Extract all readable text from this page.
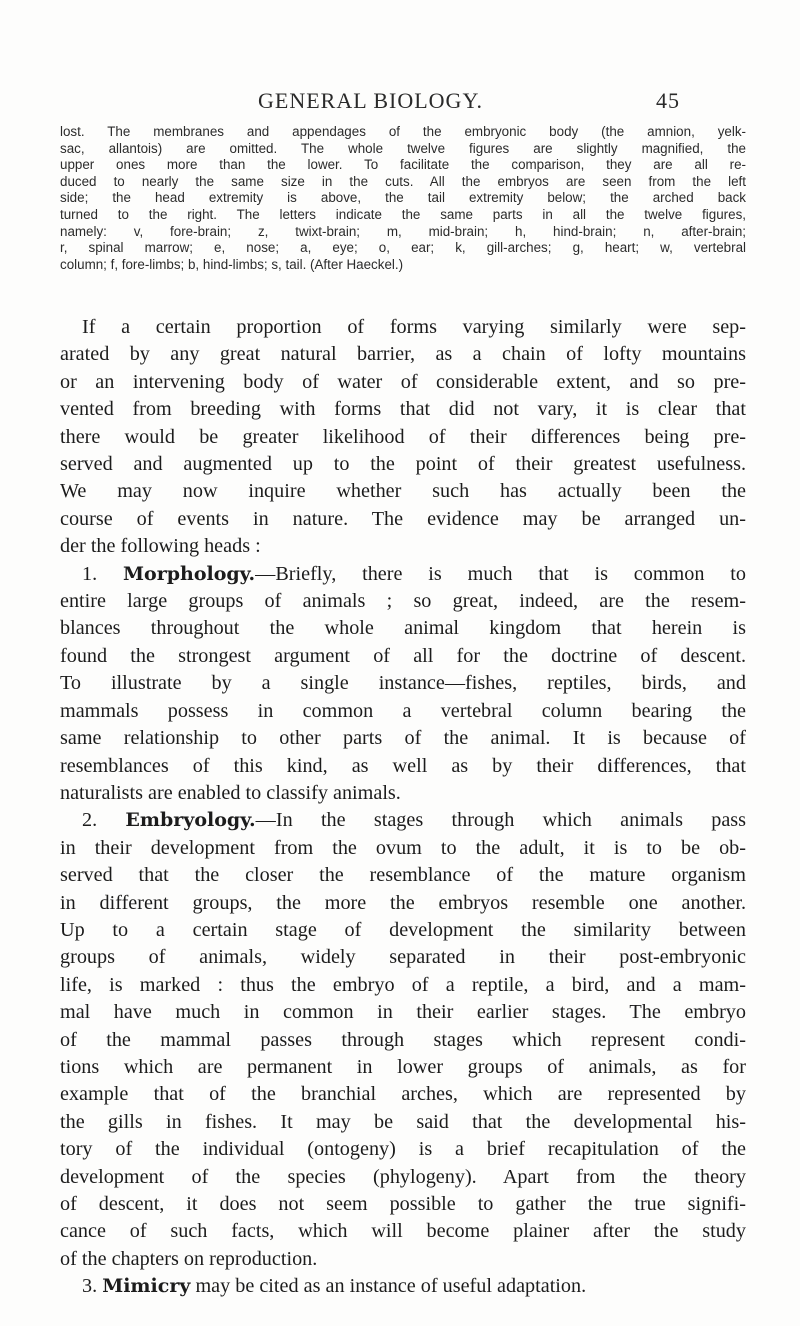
GENERAL BIOLOGY.	45
lost. The membranes and appendages of the embryonic body (the amnion, yelk-
sac, allantois) are omitted. The whole twelve figures are slightly magnified, the
upper ones more than the lower. To facilitate the comparison, they are all re-
duced to nearly the same size in the cuts. All the embryos are seen from the left
side; the head extremity is above, the tail extremity below; the arched back
turned to the right. The letters indicate the same parts in all the twelve figures,
namely: v, fore-brain; z, twixt-brain; m, mid-brain; h, hind-brain; n, after-brain;
r, spinal marrow; e, nose; a, eye; o, ear; k, gill-arches; g, heart; w, vertebral
column; f, fore-limbs; b, hind-limbs; s, tail. (After Haeckel.)
If a certain proportion of forms varying similarly were sep-
arated by any great natural barrier, as a chain of lofty mountains
or an intervening body of water of considerable extent, and so pre-
vented from breeding with forms that did not vary, it is clear that
there would be greater likelihood of their differences being pre-
served and augmented up to the point of their greatest usefulness.
We may now inquire whether such has actually been the
course of events in nature. The evidence may be arranged un-
der the following heads :
1. Morphology.—Briefly, there is much that is common to
entire large groups of animals ; so great, indeed, are the resem-
blances throughout the whole animal kingdom that herein is
found the strongest argument of all for the doctrine of descent.
To illustrate by a single instance—fishes, reptiles, birds, and
mammals possess in common a vertebral column bearing the
same relationship to other parts of the animal. It is because of
resemblances of this kind, as well as by their differences, that
naturalists are enabled to classify animals.
2. Embryology.—In the stages through which animals pass
in their development from the ovum to the adult, it is to be ob-
served that the closer the resemblance of the mature organism
in different groups, the more the embryos resemble one another.
Up to a certain stage of development the similarity between
groups of animals, widely separated in their post-embryonic
life, is marked : thus the embryo of a reptile, a bird, and a mam-
mal have much in common in their earlier stages. The embryo
of the mammal passes through stages which represent condi-
tions which are permanent in lower groups of animals, as for
example that of the branchial arches, which are represented by
the gills in fishes. It may be said that the developmental his-
tory of the individual (ontogeny) is a brief recapitulation of the
development of the species (phylogeny). Apart from the theory
of descent, it does not seem possible to gather the true signifi-
cance of such facts, which will become plainer after the study
of the chapters on reproduction.
3. Mimicry may be cited as an instance of useful adaptation.
